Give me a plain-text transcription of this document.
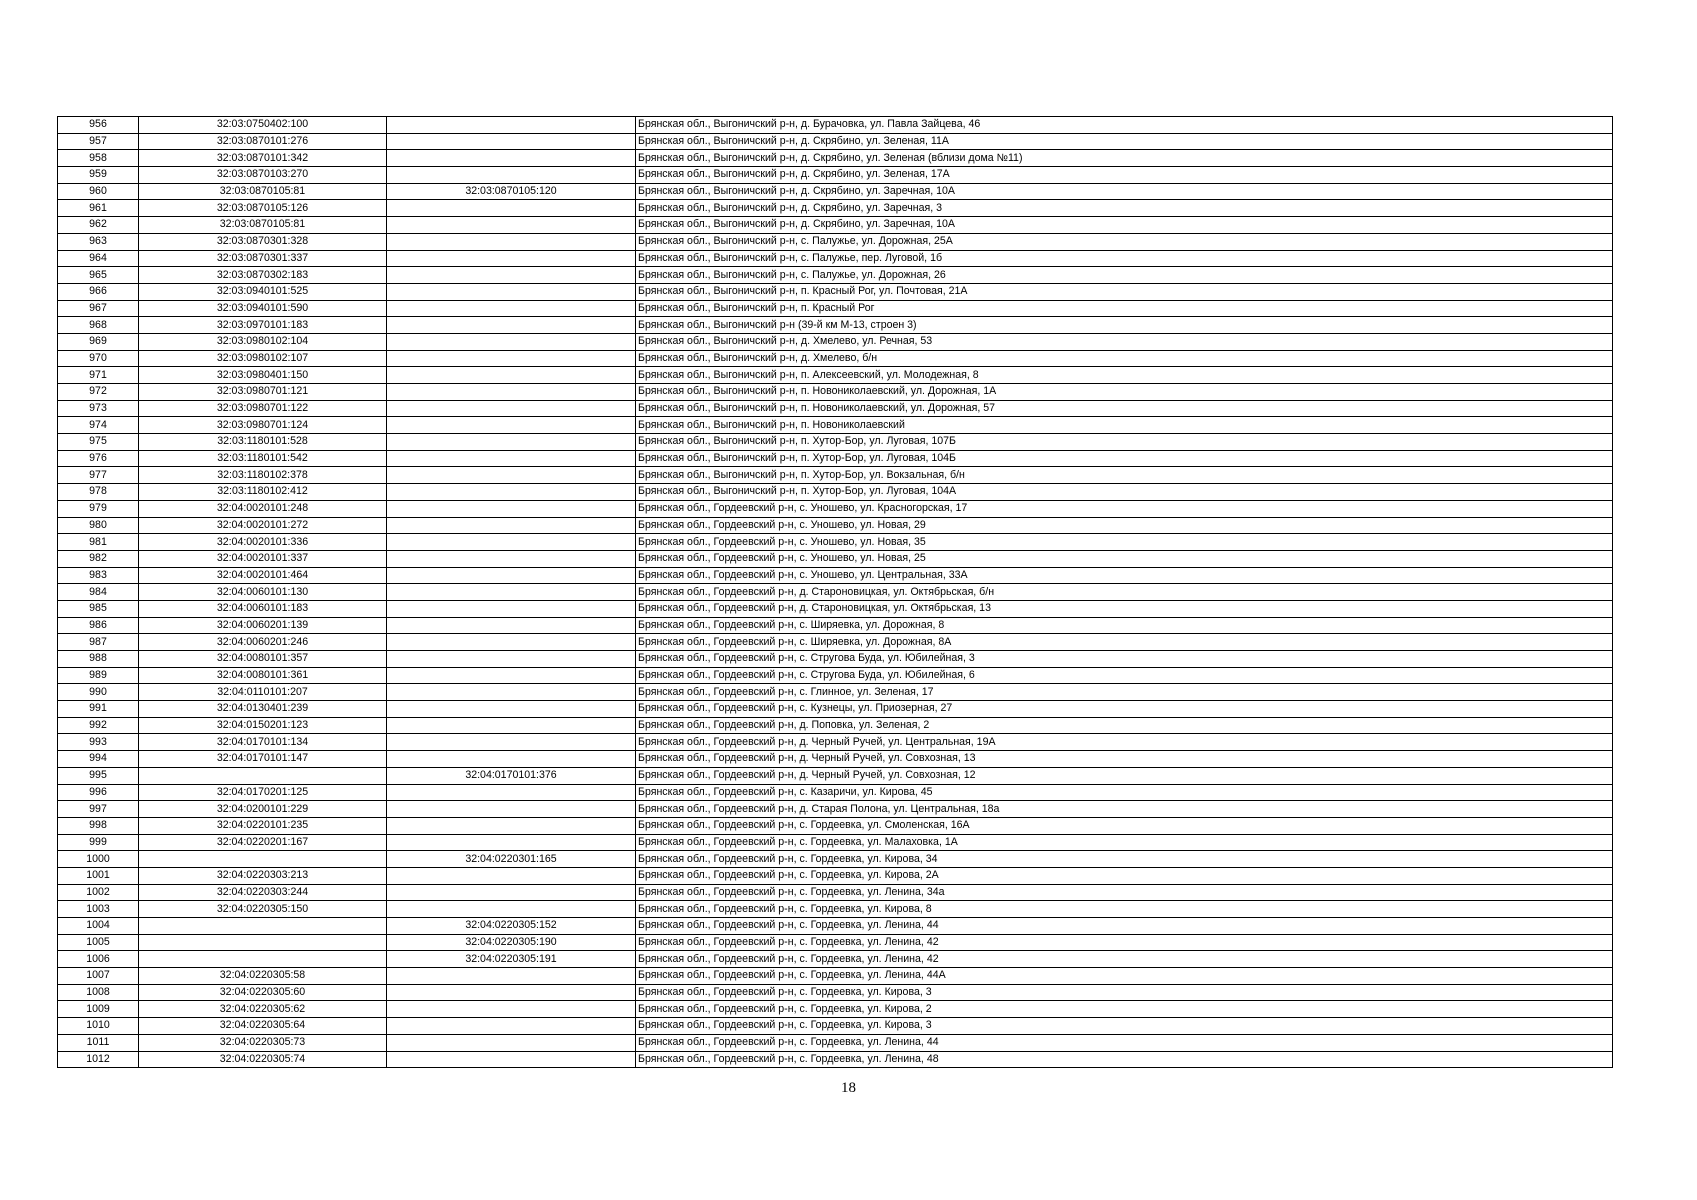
956	32:03:0750402:100		Брянская обл., Выгоничский р-н, д. Бурачовка, ул. Павла Зайцева, 46
957	32:03:0870101:276		Брянская обл., Выгоничский р-н, д. Скрябино, ул. Зеленая, 11А
958	32:03:0870101:342		Брянская обл., Выгоничский р-н, д. Скрябино, ул. Зеленая (вблизи дома №11)
959	32:03:0870103:270		Брянская обл., Выгоничский р-н, д. Скрябино, ул. Зеленая, 17А
960	32:03:0870105:81	32:03:0870105:120	Брянская обл., Выгоничский р-н, д. Скрябино, ул. Заречная, 10А
961	32:03:0870105:126		Брянская обл., Выгоничский р-н, д. Скрябино, ул. Заречная, 3
962	32:03:0870105:81		Брянская обл., Выгоничский р-н, д. Скрябино, ул. Заречная, 10А
963	32:03:0870301:328		Брянская обл., Выгоничский р-н, с. Палужье, ул. Дорожная, 25А
964	32:03:0870301:337		Брянская обл., Выгоничский р-н, с. Палужье, пер. Луговой, 1б
965	32:03:0870302:183		Брянская обл., Выгоничский р-н, с. Палужье, ул. Дорожная, 26
966	32:03:0940101:525		Брянская обл., Выгоничский р-н, п. Красный Рог, ул. Почтовая, 21А
967	32:03:0940101:590		Брянская обл., Выгоничский р-н, п. Красный Рог
968	32:03:0970101:183		Брянская обл., Выгоничский р-н (39-й км М-13, строен 3)
969	32:03:0980102:104		Брянская обл., Выгоничский р-н, д. Хмелево, ул. Речная, 53
970	32:03:0980102:107		Брянская обл., Выгоничский р-н, д. Хмелево, б/н
971	32:03:0980401:150		Брянская обл., Выгоничский р-н, п. Алексеевский, ул. Молодежная, 8
972	32:03:0980701:121		Брянская обл., Выгоничский р-н, п. Новониколаевский, ул. Дорожная, 1А
973	32:03:0980701:122		Брянская обл., Выгоничский р-н, п. Новониколаевский, ул. Дорожная, 57
974	32:03:0980701:124		Брянская обл., Выгоничский р-н, п. Новониколаевский
975	32:03:1180101:528		Брянская обл., Выгоничский р-н, п. Хутор-Бор, ул. Луговая, 107Б
976	32:03:1180101:542		Брянская обл., Выгоничский р-н, п. Хутор-Бор, ул. Луговая, 104Б
977	32:03:1180102:378		Брянская обл., Выгоничский р-н, п. Хутор-Бор, ул. Вокзальная, б/н
978	32:03:1180102:412		Брянская обл., Выгоничский р-н, п. Хутор-Бор, ул. Луговая, 104А
979	32:04:0020101:248		Брянская обл., Гордеевский р-н, с. Уношево, ул. Красногорская, 17
980	32:04:0020101:272		Брянская обл., Гордеевский р-н, с. Уношево, ул. Новая, 29
981	32:04:0020101:336		Брянская обл., Гордеевский р-н, с. Уношево, ул. Новая, 35
982	32:04:0020101:337		Брянская обл., Гордеевский р-н, с. Уношево, ул. Новая, 25
983	32:04:0020101:464		Брянская обл., Гордеевский р-н, с. Уношево, ул. Центральная, 33А
984	32:04:0060101:130		Брянская обл., Гордеевский р-н, д. Староновицкая, ул. Октябрьская, б/н
985	32:04:0060101:183		Брянская обл., Гордеевский р-н, д. Староновицкая, ул. Октябрьская, 13
986	32:04:0060201:139		Брянская обл., Гордеевский р-н, с. Ширяевка, ул. Дорожная, 8
987	32:04:0060201:246		Брянская обл., Гордеевский р-н, с. Ширяевка, ул. Дорожная, 8А
988	32:04:0080101:357		Брянская обл., Гордеевский р-н, с. Стругова Буда, ул. Юбилейная, 3
989	32:04:0080101:361		Брянская обл., Гордеевский р-н, с. Стругова Буда, ул. Юбилейная, 6
990	32:04:0110101:207		Брянская обл., Гордеевский р-н, с. Глинное, ул. Зеленая, 17
991	32:04:0130401:239		Брянская обл., Гордеевский р-н, с. Кузнецы, ул. Приозерная, 27
992	32:04:0150201:123		Брянская обл., Гордеевский р-н, д. Поповка, ул. Зеленая, 2
993	32:04:0170101:134		Брянская обл., Гордеевский р-н, д. Черный Ручей, ул. Центральная, 19А
994	32:04:0170101:147		Брянская обл., Гордеевский р-н, д. Черный Ручей, ул. Совхозная, 13
995		32:04:0170101:376	Брянская обл., Гордеевский р-н, д. Черный Ручей, ул. Совхозная, 12
996	32:04:0170201:125		Брянская обл., Гордеевский р-н, с. Казаричи, ул. Кирова, 45
997	32:04:0200101:229		Брянская обл., Гордеевский р-н, д. Старая Полона, ул. Центральная, 18а
998	32:04:0220101:235		Брянская обл., Гордеевский р-н, с. Гордеевка, ул. Смоленская, 16А
999	32:04:0220201:167		Брянская обл., Гордеевский р-н, с. Гордеевка, ул. Малаховка, 1А
1000		32:04:0220301:165	Брянская обл., Гордеевский р-н, с. Гордеевка, ул. Кирова, 34
1001	32:04:0220303:213		Брянская обл., Гордеевский р-н, с. Гордеевка, ул. Кирова, 2А
1002	32:04:0220303:244		Брянская обл., Гордеевский р-н, с. Гордеевка, ул. Ленина, 34а
1003	32:04:0220305:150		Брянская обл., Гордеевский р-н, с. Гордеевка, ул. Кирова, 8
1004		32:04:0220305:152	Брянская обл., Гордеевский р-н, с. Гордеевка, ул. Ленина, 44
1005		32:04:0220305:190	Брянская обл., Гордеевский р-н, с. Гордеевка, ул. Ленина, 42
1006		32:04:0220305:191	Брянская обл., Гордеевский р-н, с. Гордеевка, ул. Ленина, 42
1007	32:04:0220305:58		Брянская обл., Гордеевский р-н, с. Гордеевка, ул. Ленина, 44А
1008	32:04:0220305:60		Брянская обл., Гордеевский р-н, с. Гордеевка, ул. Кирова, 3
1009	32:04:0220305:62		Брянская обл., Гордеевский р-н, с. Гордеевка, ул. Кирова, 2
1010	32:04:0220305:64		Брянская обл., Гордеевский р-н, с. Гордеевка, ул. Кирова, 3
1011	32:04:0220305:73		Брянская обл., Гордеевский р-н, с. Гордеевка, ул. Ленина, 44
1012	32:04:0220305:74		Брянская обл., Гордеевский р-н, с. Гордеевка, ул. Ленина, 48
18
